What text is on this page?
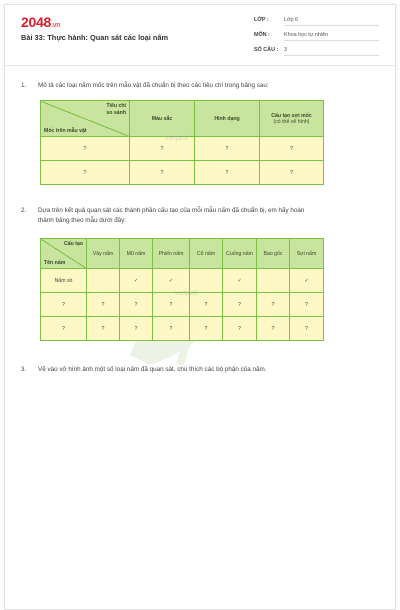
2048.vn
Bài 33: Thực hành: Quan sát các loại nấm
LỚP :	Lớp 6
MÔN :	Khoa học tự nhiên
SỐ CÂU :	3
1. Mô tả các loại nấm mốc trên mẫu vật đã chuẩn bị theo các tiêu chí trong bảng sau:
Tiêu chí
so sánh
Mốc trên mẫu vật	Màu sắc	Hình dạng	Cấu tạo sợi mốc
(có thể vẽ hình)

?	?	?	?
?	?	?	?
vietjack
2. Dựa trên kết quả quan sát các thành phần cấu tạo của mỗi mẫu nấm đã chuẩn bị, em hãy hoàn
thành bảng theo mẫu dưới đây:
Cấu tạo
Tên nấm	Vảy nấm	Mũ nấm	Phiến nấm	Cổ nấm	Cuống nấm	Bao gốc	Sợi nấm
Nấm sò		✓	✓		✓		✓
?	?	?	?	?	?	?	?
?	?	?	?	?	?	?	?
vietjack
3. Vẽ vào vở hình ảnh một số loại nấm đã quan sát, chú thích các bộ phận của nấm.
